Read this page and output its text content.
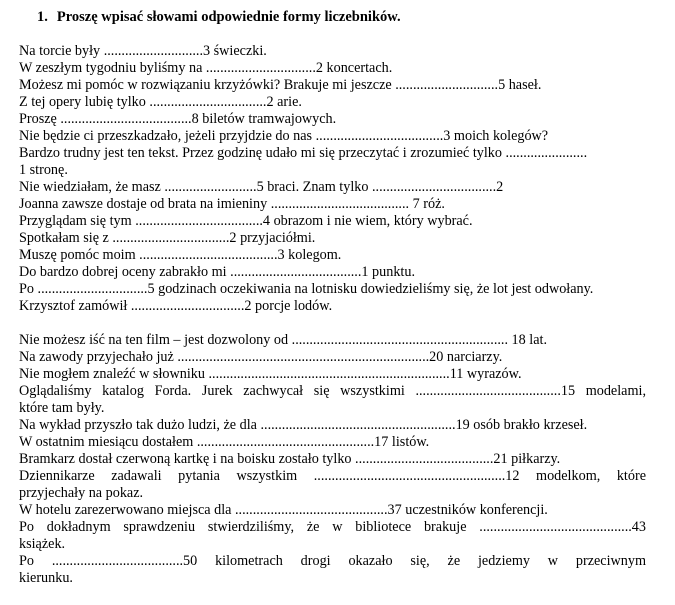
1. Proszę wpisać słowami odpowiednie formy liczebników.
Na torcie były ............................3 świeczki.
W zeszłym tygodniu byliśmy na ...............................2 koncertach.
Możesz mi pomóc w rozwiązaniu krzyżówki? Brakuje mi jeszcze .............................5 haseł.
Z tej opery lubię tylko .................................2 arie.
Proszę .....................................8 biletów tramwajowych.
Nie będzie ci przeszkadzało, jeżeli przyjdzie do nas ....................................3 moich kolegów?
Bardzo trudny jest ten tekst. Przez godzinę udało mi się przeczytać i zrozumieć tylko .......................
1 stronę.
Nie wiedziałam, że masz ..........................5 braci. Znam tylko ...................................2
Joanna zawsze dostaje od brata na imieniny ....................................... 7 róż.
Przyglądam się tym ....................................4 obrazom i nie wiem, który wybrać.
Spotkałam się z .................................2 przyjaciółmi.
Muszę pomóc moim .......................................3 kolegom.
Do bardzo dobrej oceny zabrakło mi .....................................1 punktu.
Po ...............................5 godzinach oczekiwania na lotnisku dowiedzieliśmy się, że lot jest odwołany.
Krzysztof zamówił ................................2 porcje lodów.
Nie możesz iść na ten film – jest dozwolony od ............................................................. 18 lat.
Na zawody przyjechało już .......................................................................20 narciarzy.
Nie mogłem znaleźć w słowniku ....................................................................11 wyrazów.
Oglądaliśmy katalog Forda. Jurek zachwycał się wszystkimi .........................................15 modelami,
które tam były.
Na wykład przyszło tak dużo ludzi, że dla .......................................................19 osób brakło krzeseł.
W ostatnim miesiącu dostałem ..................................................17 listów.
Bramkarz dostał czerwoną kartkę i na boisku zostało tylko .......................................21 piłkarzy.
Dziennikarze zadawali pytania wszystkim ......................................................12 modelkom, które
przyjechały na pokaz.
W hotelu zarezerwowano miejsca dla ...........................................37 uczestników konferencji.
Po dokładnym sprawdzeniu stwierdziliśmy, że w bibliotece brakuje ...........................................43
książek.
Po .....................................50 kilometrach drogi okazało się, że jedziemy w przeciwnym
kierunku.
